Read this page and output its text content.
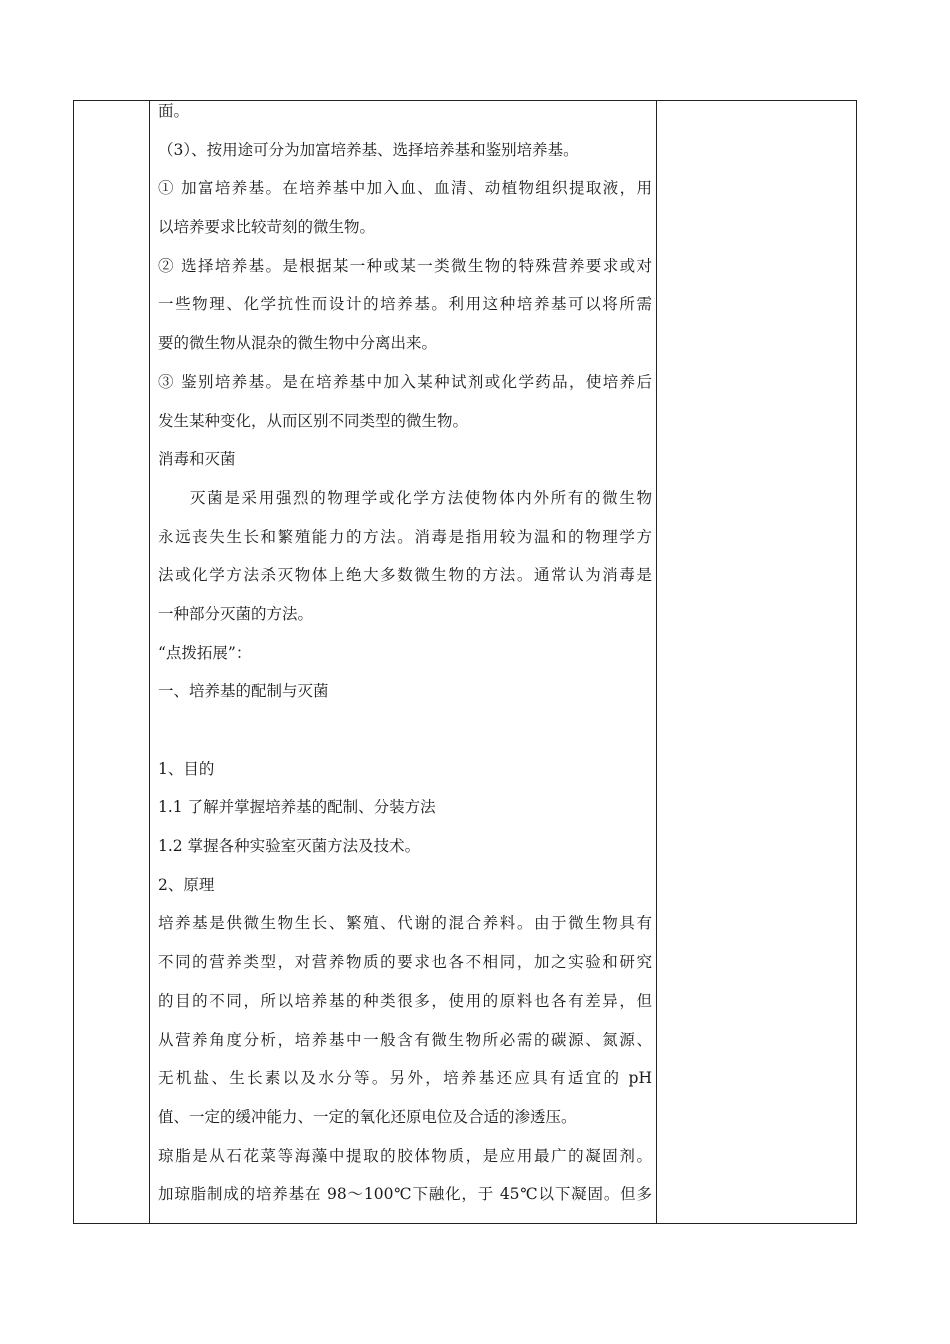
面。
（3）、按用途可分为加富培养基、选择培养基和鉴别培养基。
① 加富培养基。在培养基中加入血、血清、动植物组织提取液，用
以培养要求比较苛刻的微生物。
② 选择培养基。是根据某一种或某一类微生物的特殊营养要求或对
一些物理、化学抗性而设计的培养基。利用这种培养基可以将所需
要的微生物从混杂的微生物中分离出来。
③ 鉴别培养基。是在培养基中加入某种试剂或化学药品，使培养后
发生某种变化，从而区别不同类型的微生物。
消毒和灭菌
灭菌是采用强烈的物理学或化学方法使物体内外所有的微生物
永远丧失生长和繁殖能力的方法。消毒是指用较为温和的物理学方
法或化学方法杀灭物体上绝大多数微生物的方法。通常认为消毒是
一种部分灭菌的方法。
“点拨拓展”：
一、培养基的配制与灭菌
1、目的
1.1 了解并掌握培养基的配制、分装方法
1.2 掌握各种实验室灭菌方法及技术。
2、原理
培养基是供微生物生长、繁殖、代谢的混合养料。由于微生物具有
不同的营养类型，对营养物质的要求也各不相同，加之实验和研究
的目的不同，所以培养基的种类很多，使用的原料也各有差异，但
从营养角度分析，培养基中一般含有微生物所必需的碳源、氮源、
无机盐、生长素以及水分等。另外，培养基还应具有适宜的 pH
值、一定的缓冲能力、一定的氧化还原电位及合适的渗透压。
琼脂是从石花菜等海藻中提取的胶体物质，是应用最广的凝固剂。
加琼脂制成的培养基在 98～100℃下融化，于 45℃以下凝固。但多
